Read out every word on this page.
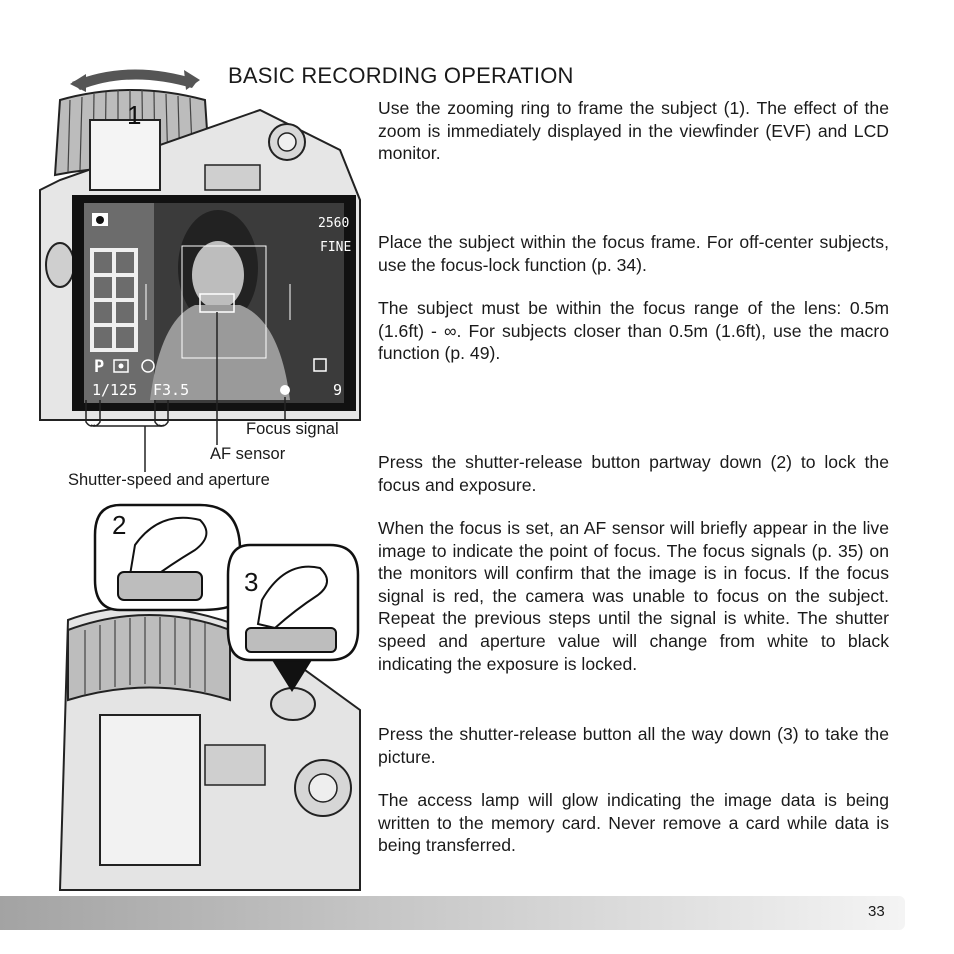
BASIC RECORDING OPERATION
Use the zooming ring to frame the subject (1). The effect of the zoom is immediately displayed in the viewfinder (EVF) and LCD monitor.
Place the subject within the focus frame. For off-center subjects, use the focus-lock function (p. 34).
The subject must be within the focus range of the lens: 0.5m (1.6ft) - ∞. For subjects closer than 0.5m (1.6ft), use the macro function (p. 49).
Press the shutter-release button partway down (2) to lock the focus and exposure.
When the focus is set, an AF sensor will briefly appear in the live image to indicate the point of focus. The focus signals (p. 35) on the monitors will confirm that the image is in focus. If the focus signal is red, the camera was unable to focus on the subject. Repeat the previous steps until the signal is white. The shutter speed and aperture value will change from white to black indicating the exposure is locked.
Press the shutter-release button all the way down (3) to take the picture.
The access lamp will glow indicating the image data is being written to the memory card. Never remove a card while data is being transferred.
2560
FINE
P
1/125 F3.5	9
1
Focus signal
AF sensor
Shutter-speed and aperture
2
3
33
